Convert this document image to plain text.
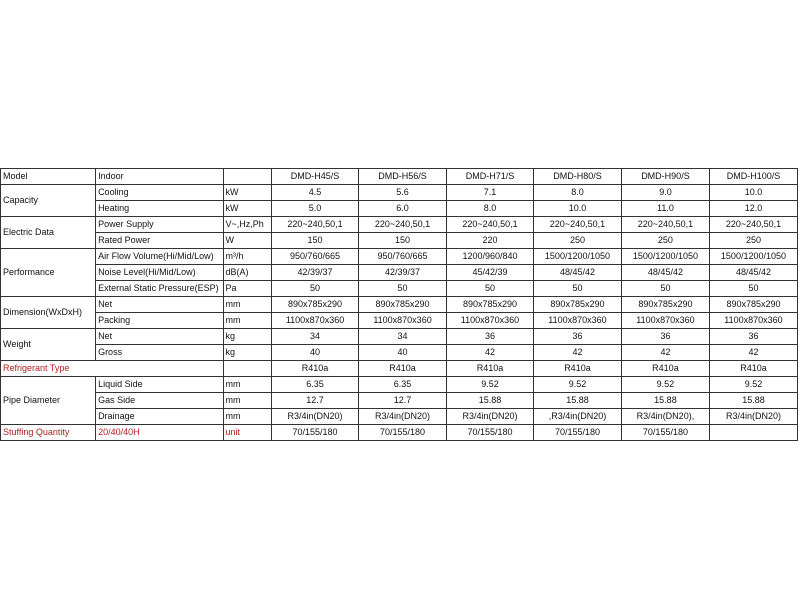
Model	Indoor		DMD-H45/S	DMD-H56/S	DMD-H71/S	DMD-H80/S	DMD-H90/S	DMD-H100/S
Capacity	Cooling	kW	4.5	5.6	7.1	8.0	9.0	10.0
	Heating	kW	5.0	6.0	8.0	10.0	11.0	12.0
Electric Data	Power Supply	V~,Hz,Ph	220~240,50,1	220~240,50,1	220~240,50,1	220~240,50,1	220~240,50,1	220~240,50,1
	Rated Power	W	150	150	220	250	250	250
Performance	Air Flow Volume(Hi/Mid/Low)	m³/h	950/760/665	950/760/665	1200/960/840	1500/1200/1050	1500/1200/1050	1500/1200/1050
	Noise Level(Hi/Mid/Low)	dB(A)	42/39/37	42/39/37	45/42/39	48/45/42	48/45/42	48/45/42
	External Static Pressure(ESP)	Pa	50	50	50	50	50	50
Dimension(WxDxH)	Net	mm	890x785x290	890x785x290	890x785x290	890x785x290	890x785x290	890x785x290
	Packing	mm	1100x870x360	1100x870x360	1100x870x360	1100x870x360	1100x870x360	1100x870x360
Weight	Net	kg	34	34	36	36	36	36
	Gross	kg	40	40	42	42	42	42
Refrigerant Type			R410a	R410a	R410a	R410a	R410a	R410a
Pipe Diameter	Liquid Side	mm	6.35	6.35	9.52	9.52	9.52	9.52
	Gas Side	mm	12.7	12.7	15.88	15.88	15.88	15.88
	Drainage	mm	R3/4in(DN20)	R3/4in(DN20)	R3/4in(DN20)	,R3/4in(DN20)	R3/4in(DN20),	R3/4in(DN20)
Stuffing Quantity	20/40/40H	unit	70/155/180	70/155/180	70/155/180	70/155/180	70/155/180	
